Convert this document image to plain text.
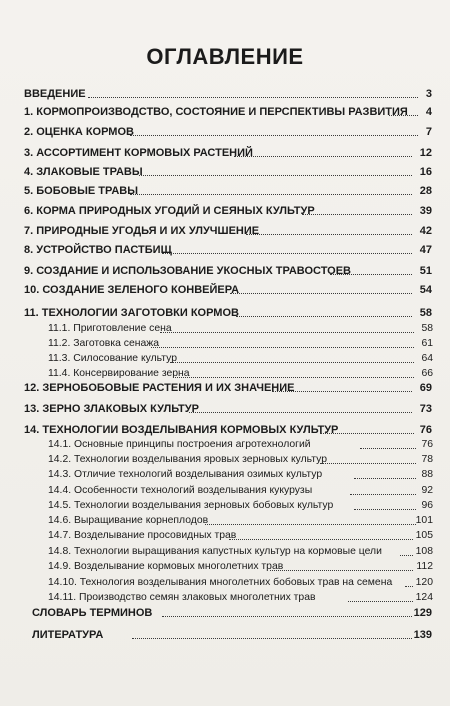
ОГЛАВЛЕНИЕ
ВВЕДЕНИЕ	3
1. КОРМОПРОИЗВОДСТВО, СОСТОЯНИЕ И ПЕРСПЕКТИВЫ РАЗВИТИЯ 4
2. ОЦЕНКА КОРМОВ	7
3. АССОРТИМЕНТ КОРМОВЫХ РАСТЕНИЙ	12
4. ЗЛАКОВЫЕ ТРАВЫ	16
5. БОБОВЫЕ ТРАВЫ	28
6. КОРМА ПРИРОДНЫХ УГОДИЙ И СЕЯНЫХ КУЛЬТУР	39
7. ПРИРОДНЫЕ УГОДЬЯ И ИХ УЛУЧШЕНИЕ	42
8. УСТРОЙСТВО ПАСТБИЩ	47
9. СОЗДАНИЕ И ИСПОЛЬЗОВАНИЕ УКОСНЫХ ТРАВОСТОЕВ	51
10. СОЗДАНИЕ ЗЕЛЕНОГО КОНВЕЙЕРА	54
11. ТЕХНОЛОГИИ ЗАГОТОВКИ КОРМОВ	58
11.1. Приготовление сена	58
11.2. Заготовка сенажа	61
11.3. Силосование культур	64
11.4. Консервирование зерна	66
12. ЗЕРНОБОБОВЫЕ РАСТЕНИЯ И ИХ ЗНАЧЕНИЕ	69
13. ЗЕРНО ЗЛАКОВЫХ КУЛЬТУР	73
14. ТЕХНОЛОГИИ ВОЗДЕЛЫВАНИЯ КОРМОВЫХ КУЛЬТУР	76
14.1. Основные принципы построения агротехнологий	76
14.2. Технологии возделывания яровых зерновых культур	78
14.3. Отличие технологий возделывания озимых культур	88
14.4. Особенности технологий возделывания кукурузы	92
14.5. Технологии возделывания зерновых бобовых культур	96
14.6. Выращивание корнеплодов	101
14.7. Возделывание просовидных трав	105
14.8. Технологии выращивания капустных культур на кормовые цели	108
14.9. Возделывание кормовых многолетних трав	112
14.10. Технология возделывания многолетних бобовых трав на семена 120
14.11. Производство семян злаковых многолетних трав	124
СЛОВАРЬ ТЕРМИНОВ	129
ЛИТЕРАТУРА	139
